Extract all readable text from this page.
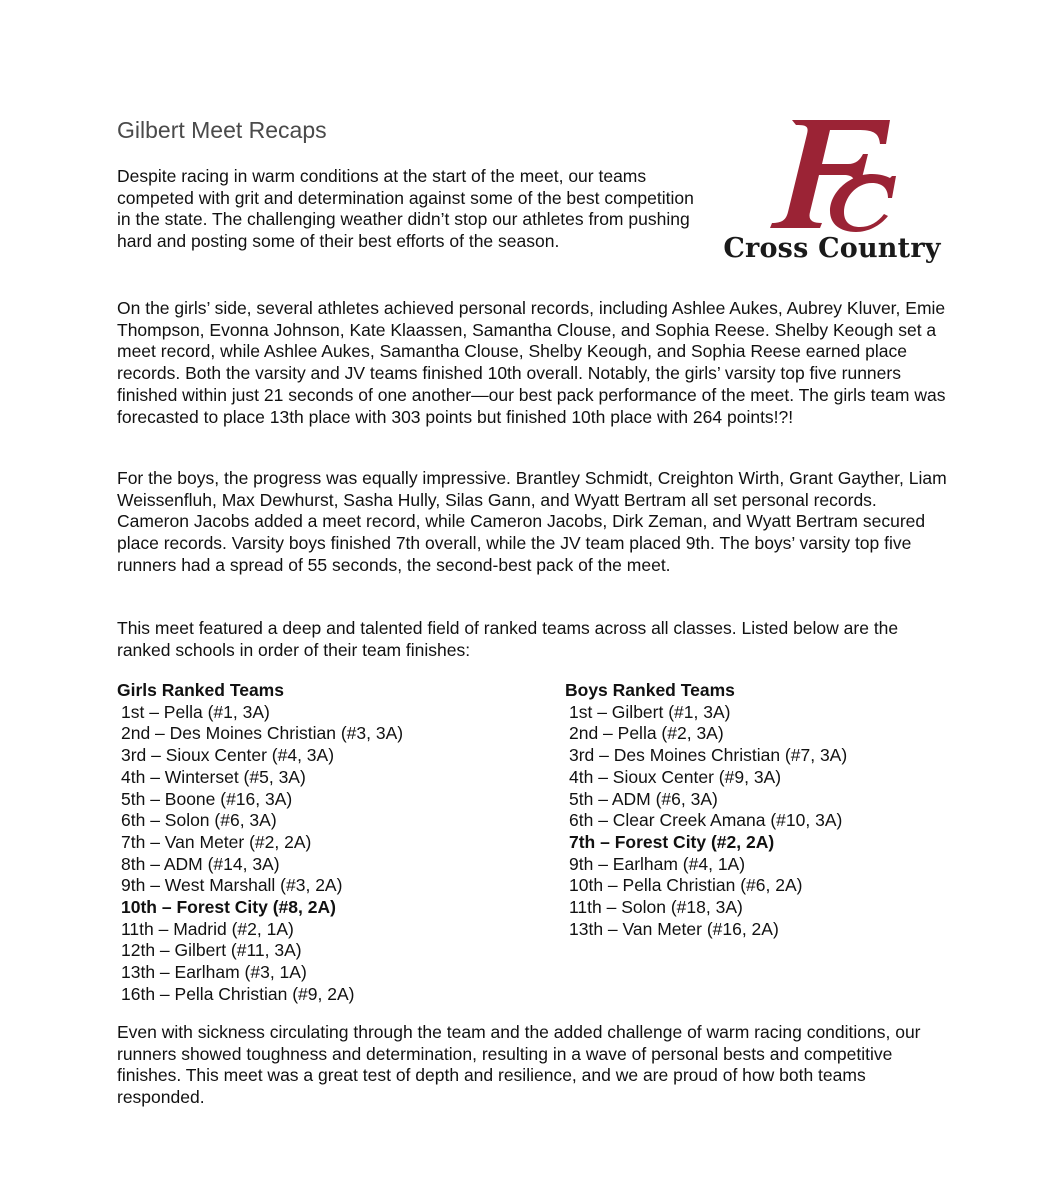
Gilbert Meet Recaps
Cross Country

Despite racing in warm conditions at the start of the meet, our teams competed with grit and determination against some of the best competition in the state. The challenging weather didn’t stop our athletes from pushing hard and posting some of their best efforts of the season.

On the girls’ side, several athletes achieved personal records, including Ashlee Aukes, Aubrey Kluver, Emie Thompson, Evonna Johnson, Kate Klaassen, Samantha Clouse, and Sophia Reese. Shelby Keough set a meet record, while Ashlee Aukes, Samantha Clouse, Shelby Keough, and Sophia Reese earned place records. Both the varsity and JV teams finished 10th overall. Notably, the girls’ varsity top five runners finished within just 21 seconds of one another—our best pack performance of the meet. The girls team was forecasted to place 13th place with 303 points but finished 10th place with 264 points!?!

For the boys, the progress was equally impressive. Brantley Schmidt, Creighton Wirth, Grant Gayther, Liam Weissenfluh, Max Dewhurst, Sasha Hully, Silas Gann, and Wyatt Bertram all set personal records. Cameron Jacobs added a meet record, while Cameron Jacobs, Dirk Zeman, and Wyatt Bertram secured place records. Varsity boys finished 7th overall, while the JV team placed 9th. The boys’ varsity top five runners had a spread of 55 seconds, the second-best pack of the meet.

This meet featured a deep and talented field of ranked teams across all classes. Listed below are the ranked schools in order of their team finishes:

Girls Ranked Teams

1st – Pella (#1, 3A)
2nd – Des Moines Christian (#3, 3A)
3rd – Sioux Center (#4, 3A)
4th – Winterset (#5, 3A)
5th – Boone (#16, 3A)
6th – Solon (#6, 3A)
7th – Van Meter (#2, 2A)
8th – ADM (#14, 3A)
9th – West Marshall (#3, 2A)
10th – Forest City (#8, 2A)
11th – Madrid (#2, 1A)
12th – Gilbert (#11, 3A)
13th – Earlham (#3, 1A)
16th – Pella Christian (#9, 2A)

Boys Ranked Teams

1st – Gilbert (#1, 3A)
2nd – Pella (#2, 3A)
3rd – Des Moines Christian (#7, 3A)
4th – Sioux Center (#9, 3A)
5th – ADM (#6, 3A)
6th – Clear Creek Amana (#10, 3A)
7th – Forest City (#2, 2A)
9th – Earlham (#4, 1A)
10th – Pella Christian (#6, 2A)
11th – Solon (#18, 3A)
13th – Van Meter (#16, 2A)

Even with sickness circulating through the team and the added challenge of warm racing conditions, our runners showed toughness and determination, resulting in a wave of personal bests and competitive finishes. This meet was a great test of depth and resilience, and we are proud of how both teams responded.
